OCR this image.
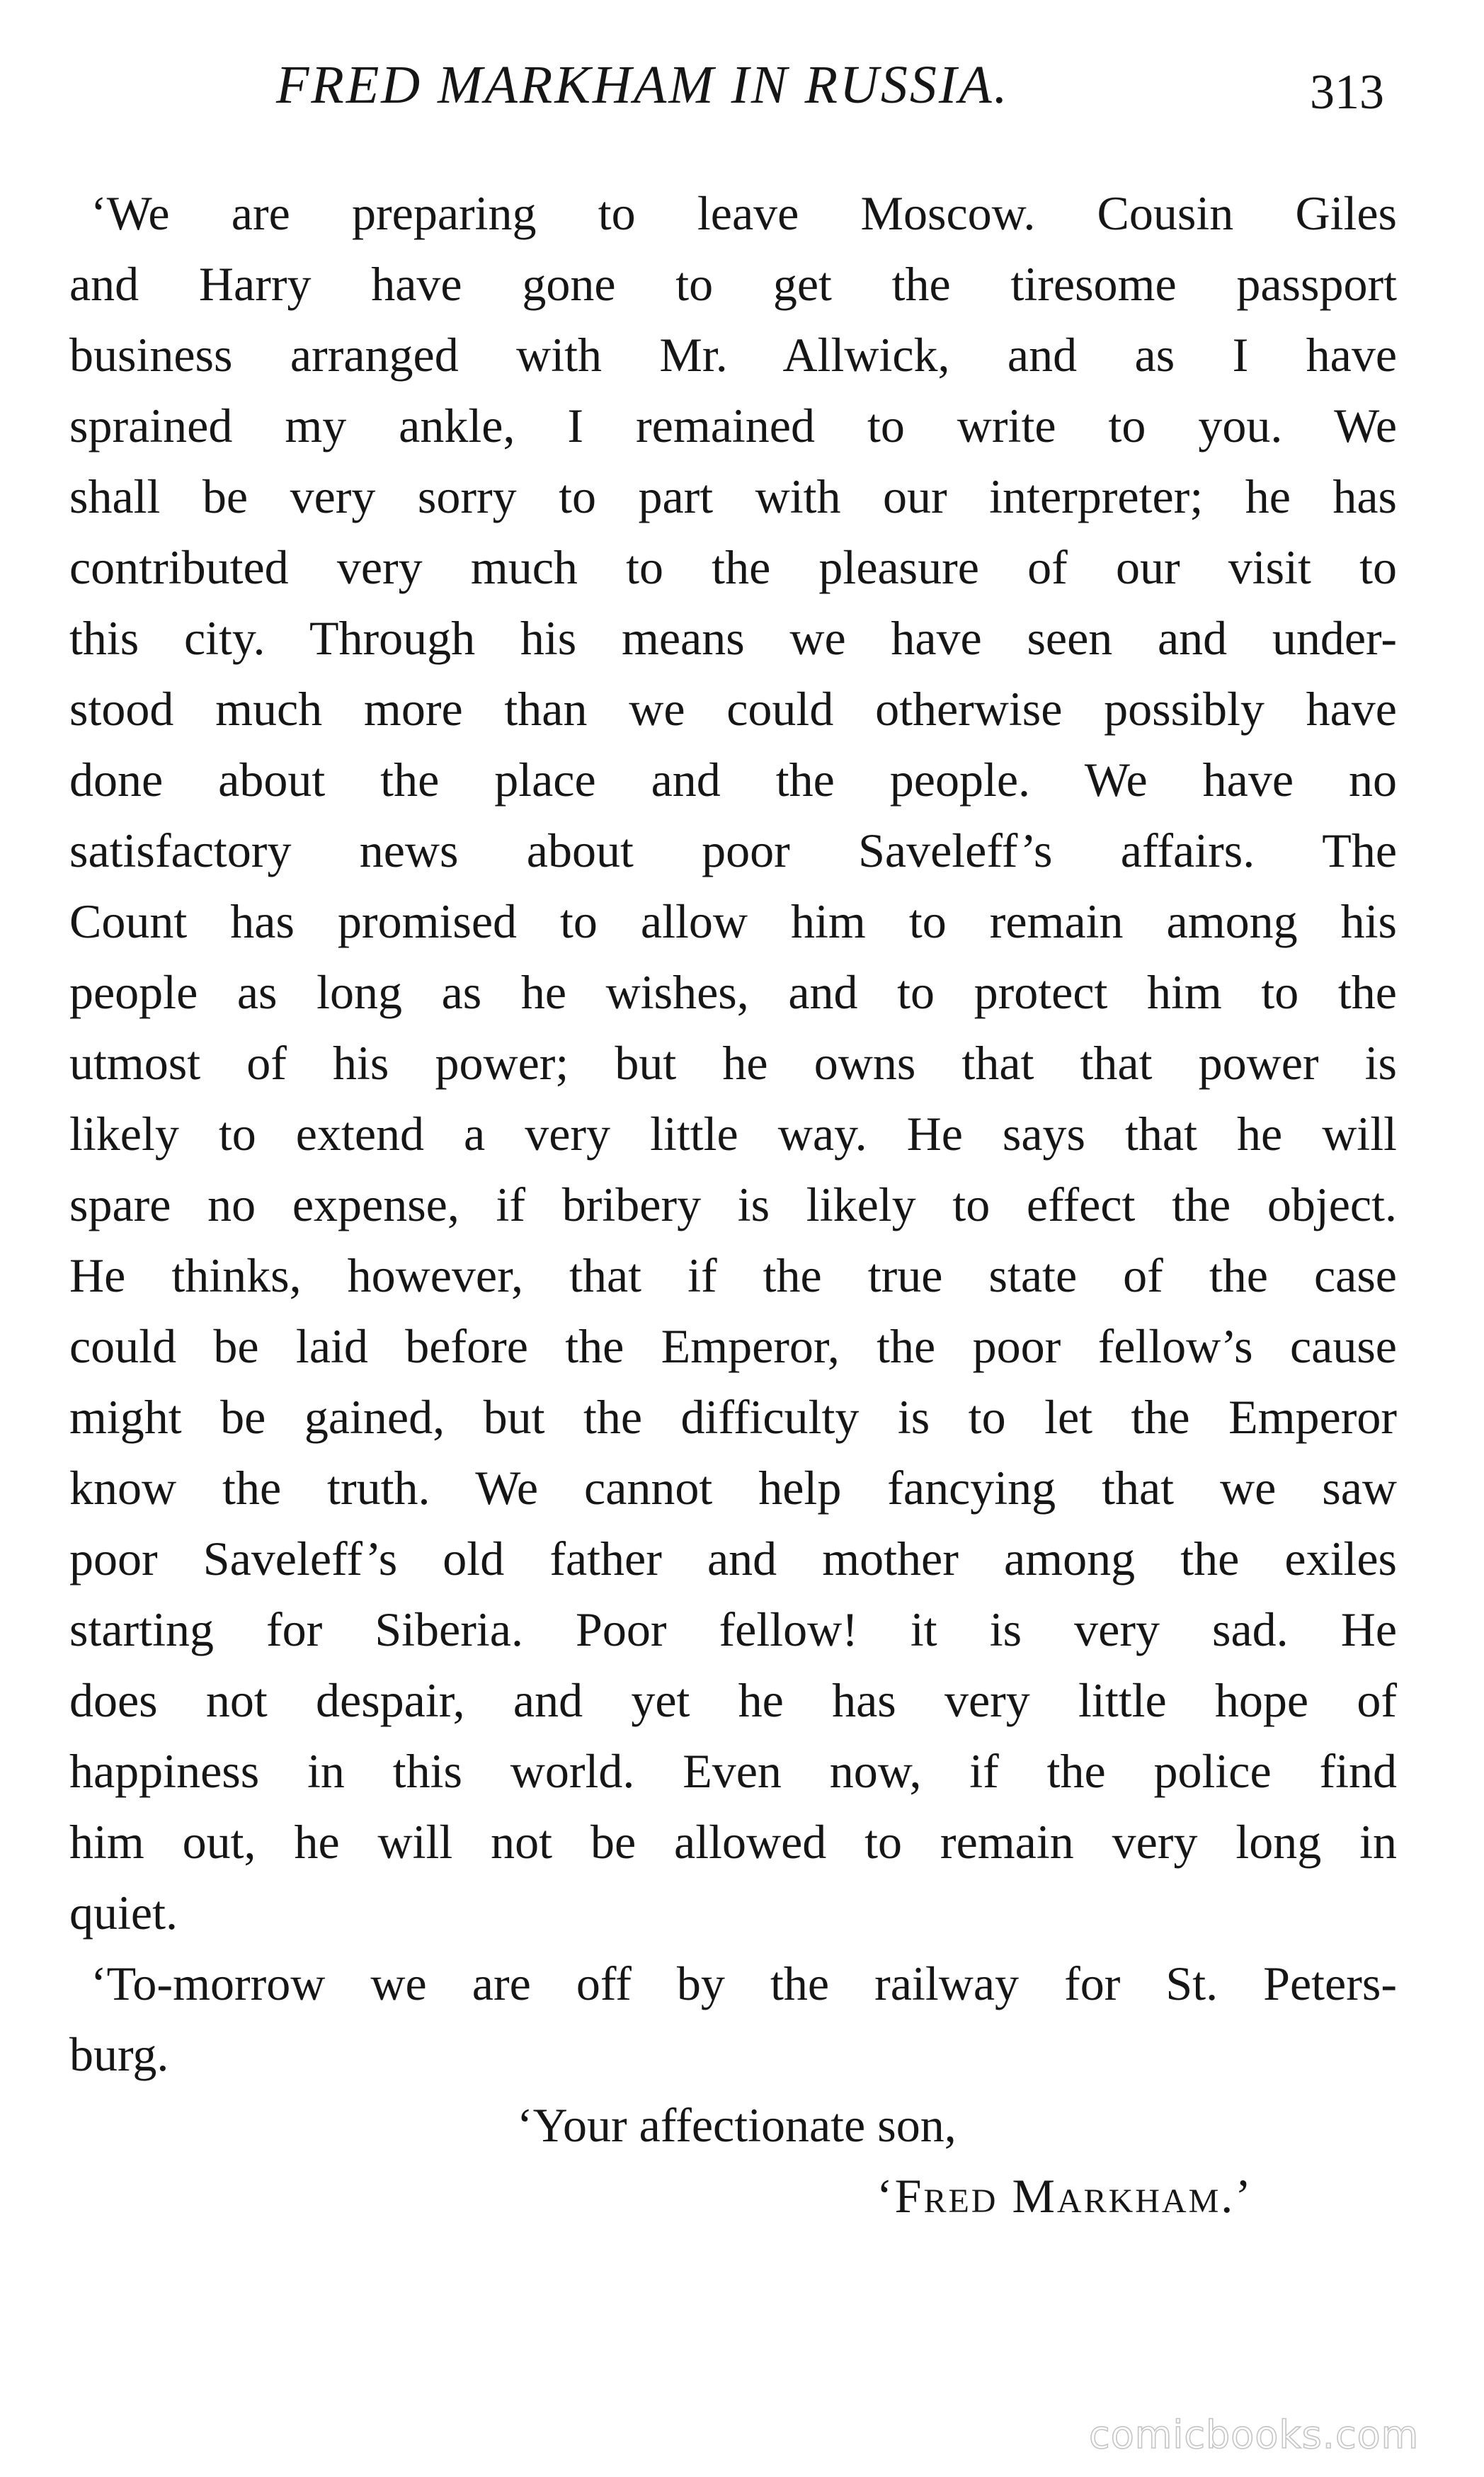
FRED MARKHAM IN RUSSIA.	313
‘We are preparing to leave Moscow. Cousin Giles
and Harry have gone to get the tiresome passport
business arranged with Mr. Allwick, and as I have
sprained my ankle, I remained to write to you. We
shall be very sorry to part with our interpreter; he has
contributed very much to the pleasure of our visit to
this city. Through his means we have seen and under-
stood much more than we could otherwise possibly have
done about the place and the people. We have no
satisfactory news about poor Saveleff’s affairs. The
Count has promised to allow him to remain among his
people as long as he wishes, and to protect him to the
utmost of his power; but he owns that that power is
likely to extend a very little way. He says that he will
spare no expense, if bribery is likely to effect the object.
He thinks, however, that if the true state of the case
could be laid before the Emperor, the poor fellow’s cause
might be gained, but the difficulty is to let the Emperor
know the truth. We cannot help fancying that we saw
poor Saveleff’s old father and mother among the exiles
starting for Siberia. Poor fellow! it is very sad. He
does not despair, and yet he has very little hope of
happiness in this world. Even now, if the police find
him out, he will not be allowed to remain very long in
quiet.
‘To-morrow we are off by the railway for St. Peters-
burg.
‘Your affectionate son,
‘Fred Markham.’
comicbooks.com
